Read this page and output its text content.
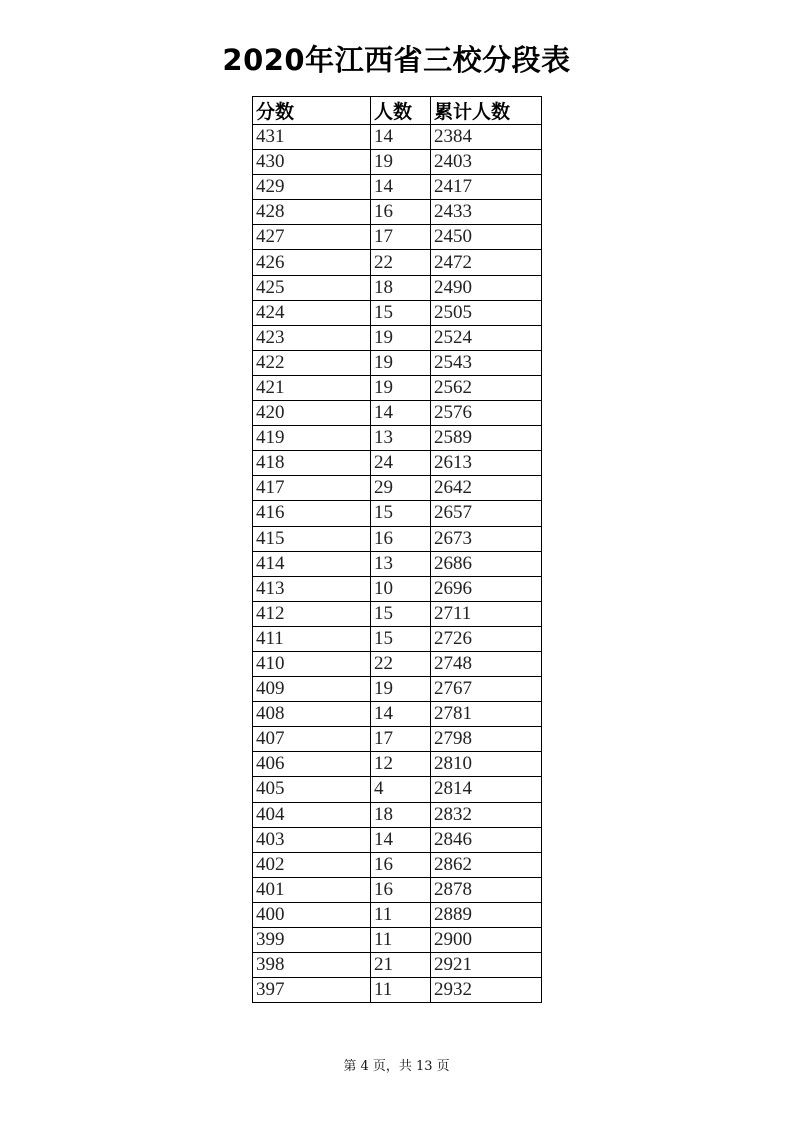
2020年江西省三校分段表
分数	人数	累计人数
431	14	2384
430	19	2403
429	14	2417
428	16	2433
427	17	2450
426	22	2472
425	18	2490
424	15	2505
423	19	2524
422	19	2543
421	19	2562
420	14	2576
419	13	2589
418	24	2613
417	29	2642
416	15	2657
415	16	2673
414	13	2686
413	10	2696
412	15	2711
411	15	2726
410	22	2748
409	19	2767
408	14	2781
407	17	2798
406	12	2810
405	4	2814
404	18	2832
403	14	2846
402	16	2862
401	16	2878
400	11	2889
399	11	2900
398	21	2921
397	11	2932
第 4 页，共 13 页
